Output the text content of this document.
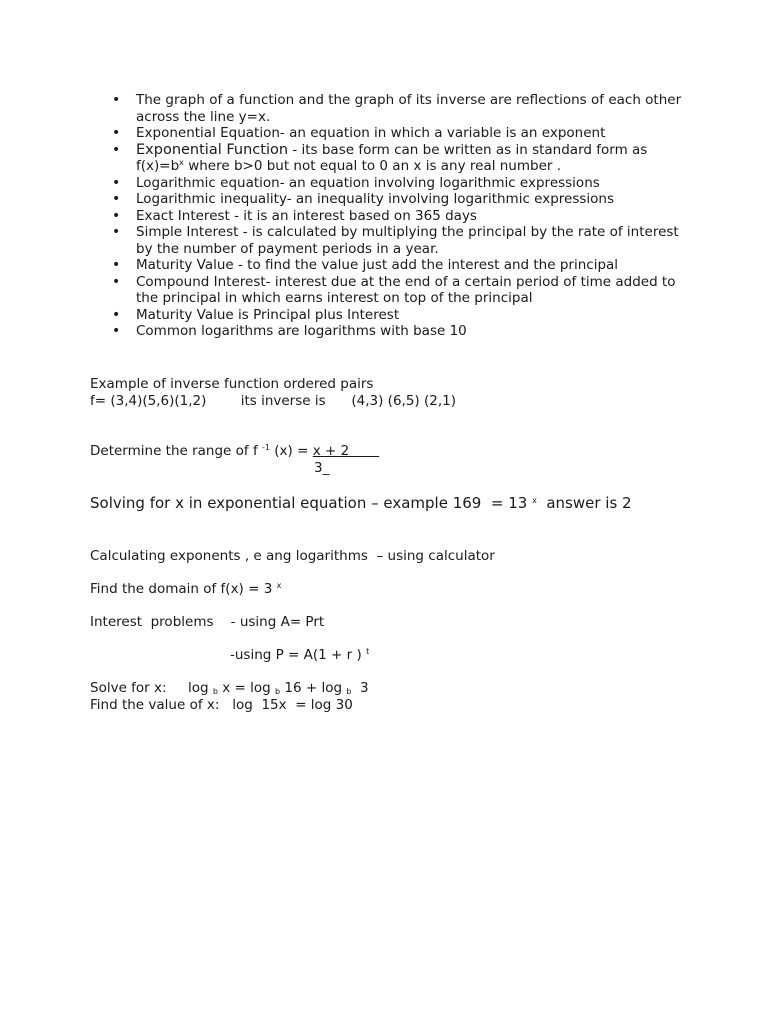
• The graph of a function and the graph of its inverse are reflections of each other across the line y=x.
• Exponential Equation- an equation in which a variable is an exponent
• Exponential Function - its base form can be written as in standard form as $f(x)=b^x$ where b>0 but not equal to 0 an x is any real number .
• Logarithmic equation- an equation involving logarithmic expressions
• Logarithmic inequality- an inequality involving logarithmic expressions
• Exact Interest - it is an interest based on 365 days
• Simple Interest - is calculated by multiplying the principal by the rate of interest by the number of payment periods in a year.
• Maturity Value - to find the value just add the interest and the principal
• Compound Interest- interest due at the end of a certain period of time added to the principal in which earns interest on top of the principal
• Maturity Value is Principal plus Interest
• Common logarithms are logarithms with base 10
Example of inverse function ordered pairs
f= (3,4)(5,6)(1,2)        its inverse is      (4,3) (6,5) (2,1)
Determine the range of f $^{-1}$ (x) = x + 2
3_
Solving for x in exponential equation – example 169  = 13 $^x$  answer is 2
Calculating exponents , e ang logarithms  – using calculator
Find the domain of f(x) = 3 $^x$
Interest  problems    - using A= Prt
-using P = A(1 + r ) $^t$
Solve for x:     log $_b$ x = log $_b$ 16 + log $_b$  3
Find the value of x:   log  15x  = log 30
